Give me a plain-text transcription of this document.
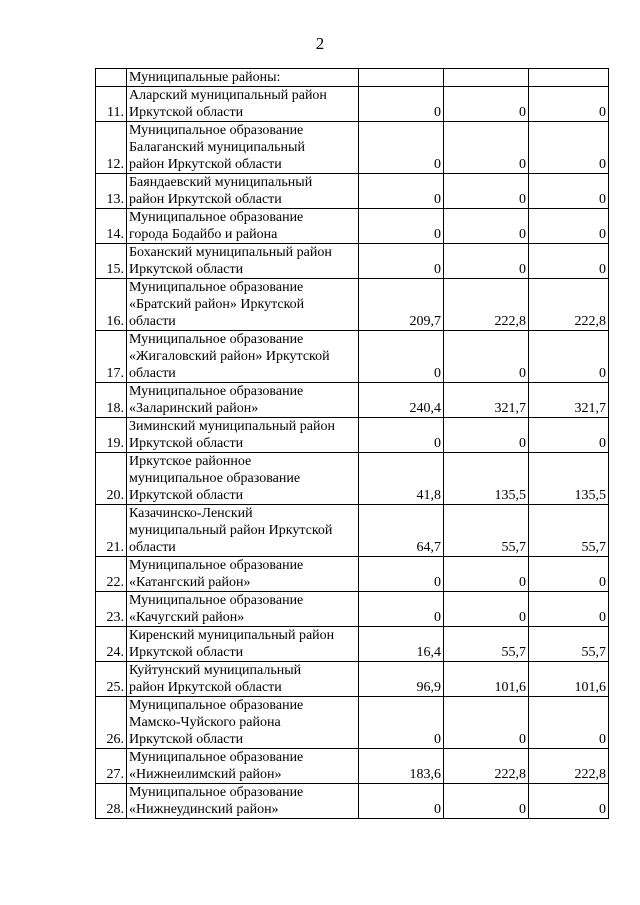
2
	Муниципальные районы:			
11.	Аларский муниципальный район
Иркутской области	0	0	0
12.	Муниципальное образование
Балаганский муниципальный
район Иркутской области	0	0	0
13.	Баяндаевский муниципальный
район Иркутской области	0	0	0
14.	Муниципальное образование
города Бодайбо и района	0	0	0
15.	Боханский муниципальный район
Иркутской области	0	0	0
16.	Муниципальное образование
«Братский район» Иркутской
области	209,7	222,8	222,8
17.	Муниципальное образование
«Жигаловский район» Иркутской
области	0	0	0
18.	Муниципальное образование
«Заларинский район»	240,4	321,7	321,7
19.	Зиминский муниципальный район
Иркутской области	0	0	0
20.	Иркутское районное
муниципальное образование
Иркутской области	41,8	135,5	135,5
21.	Казачинско-Ленский
муниципальный район Иркутской
области	64,7	55,7	55,7
22.	Муниципальное образование
«Катангский район»	0	0	0
23.	Муниципальное образование
«Качугский район»	0	0	0
24.	Киренский муниципальный район
Иркутской области	16,4	55,7	55,7
25.	Куйтунский муниципальный
район Иркутской области	96,9	101,6	101,6
26.	Муниципальное образование
Мамско-Чуйского района
Иркутской области	0	0	0
27.	Муниципальное образование
«Нижнеилимский район»	183,6	222,8	222,8
28.	Муниципальное образование
«Нижнеудинский район»	0	0	0
